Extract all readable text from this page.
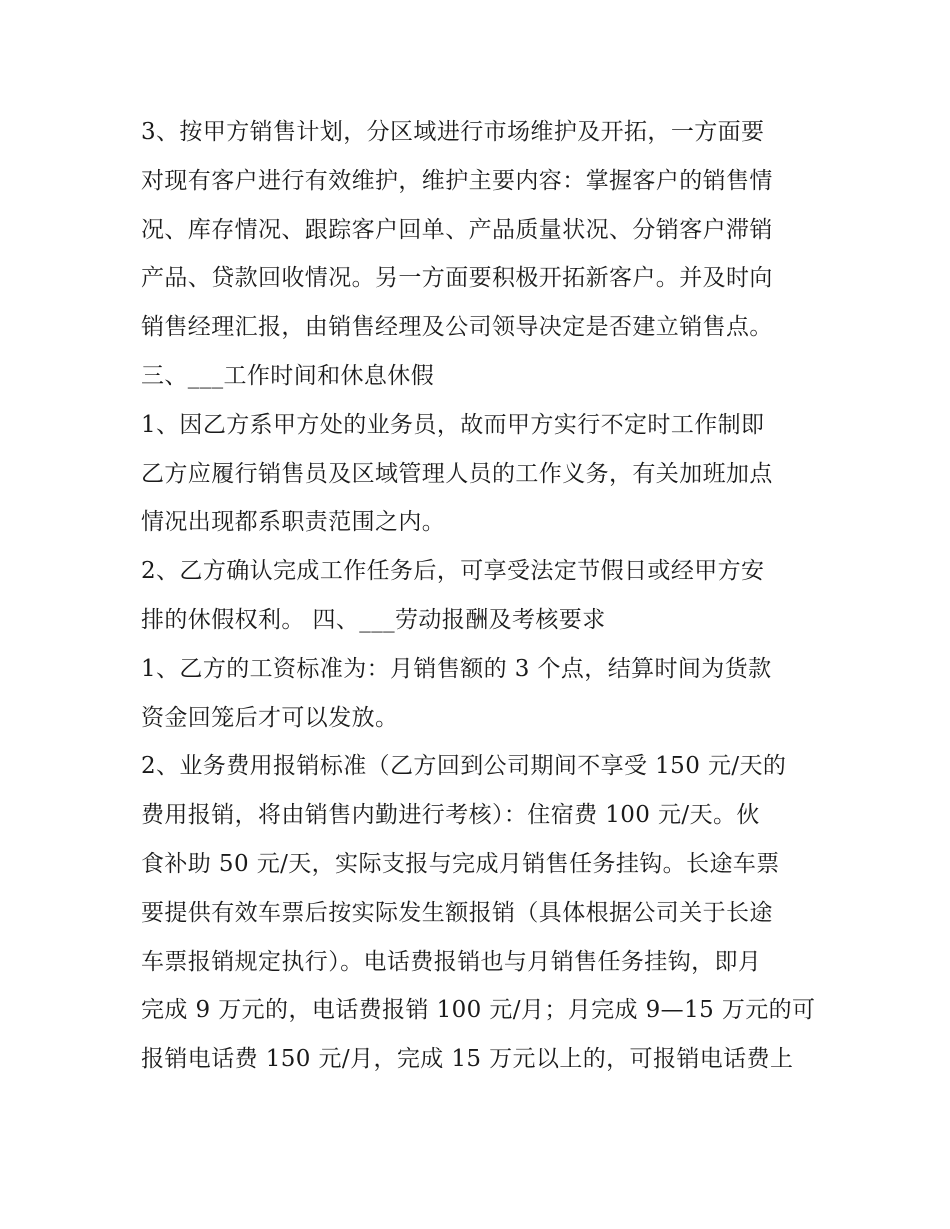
3、按甲方销售计划，分区域进行市场维护及开拓，一方面要
对现有客户进行有效维护，维护主要内容：掌握客户的销售情
况、库存情况、跟踪客户回单、产品质量状况、分销客户滞销
产品、贷款回收情况。另一方面要积极开拓新客户。并及时向
销售经理汇报，由销售经理及公司领导决定是否建立销售点。
三、___工作时间和休息休假
1、因乙方系甲方处的业务员，故而甲方实行不定时工作制即
乙方应履行销售员及区域管理人员的工作义务，有关加班加点
情况出现都系职责范围之内。
2、乙方确认完成工作任务后，可享受法定节假日或经甲方安
排的休假权利。 四、___劳动报酬及考核要求
1、乙方的工资标准为：月销售额的 3 个点，结算时间为货款
资金回笼后才可以发放。
2、业务费用报销标准（乙方回到公司期间不享受 150 元/天的
费用报销，将由销售内勤进行考核）：住宿费 100 元/天。伙
食补助 50 元/天，实际支报与完成月销售任务挂钩。长途车票
要提供有效车票后按实际发生额报销（具体根据公司关于长途
车票报销规定执行）。电话费报销也与月销售任务挂钩，即月
完成 9 万元的，电话费报销 100 元/月；月完成 9—15 万元的可
报销电话费 150 元/月，完成 15 万元以上的，可报销电话费上
